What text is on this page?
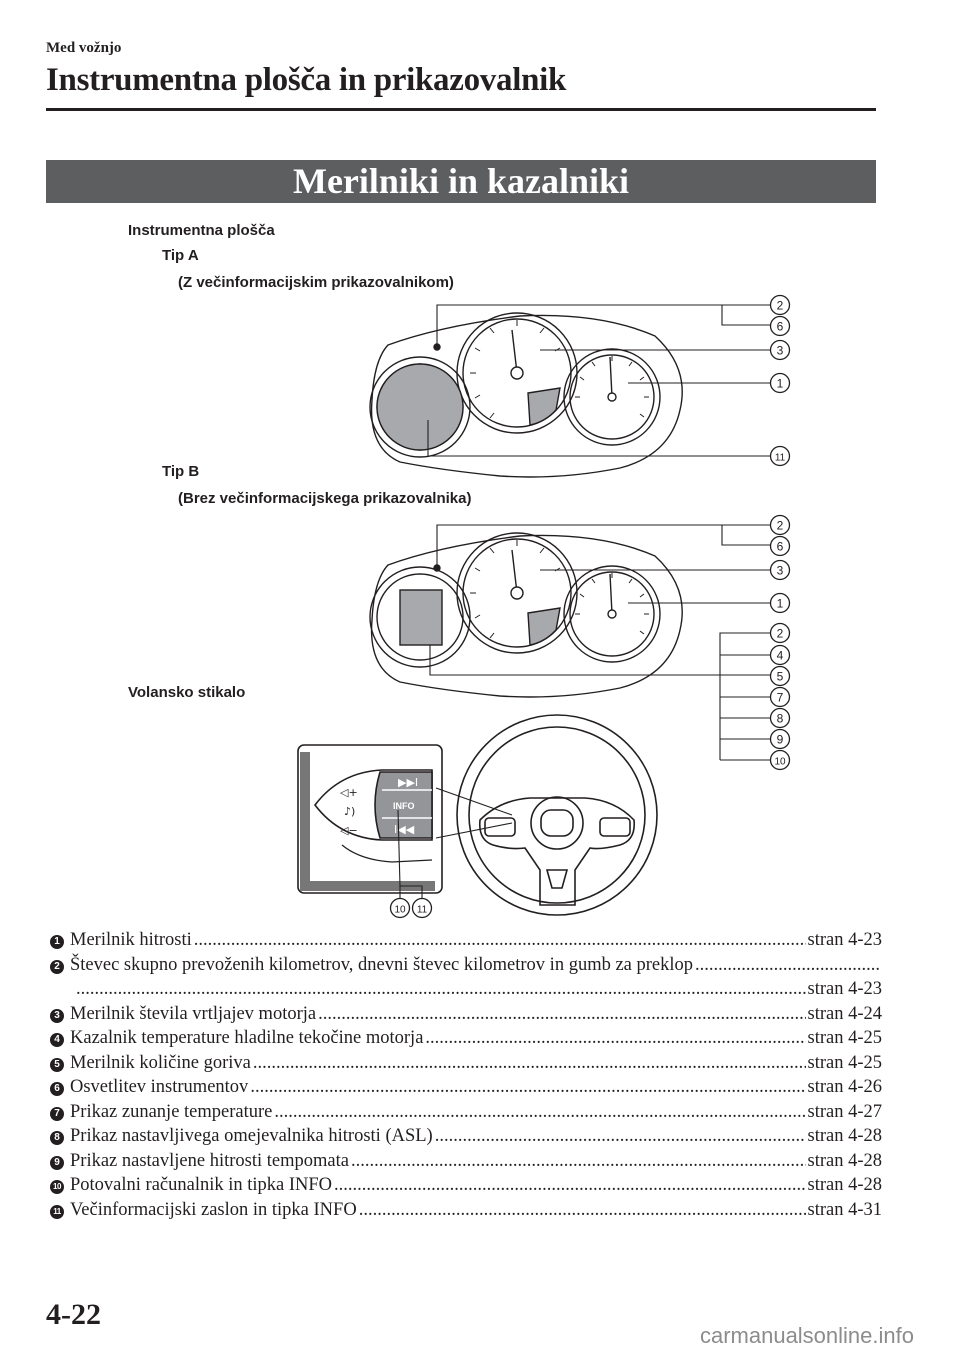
Med vožnjo
Instrumentna plošča in prikazovalnik
Merilniki in kazalniki
Instrumentna plošča
Tip A
(Z večinformacijskim prikazovalnikom)
Tip B
(Brez večinformacijskega prikazovalnika)
Volansko stikalo
◁+
♪)
◁−
▶▶I
I◀◀
INFO
2
6
3
1
11
2
6
3
1
2
4
5
7
8
9
10
10 11
1 Merilnik hitrosti .....	stran 4-23
2 Števec skupno prevoženih kilometrov, dnevni števec kilometrov in gumb za preklop
.....
.....
stran 4-23
3 Merilnik števila vrtljajev motorja .....	stran 4-24
4 Kazalnik temperature hladilne tekočine motorja .....	stran 4-25
5 Merilnik količine goriva .....	stran 4-25
6 Osvetlitev instrumentov .....	stran 4-26
7 Prikaz zunanje temperature .....	stran 4-27
8 Prikaz nastavljivega omejevalnika hitrosti (ASL) .....	stran 4-28
9 Prikaz nastavljene hitrosti tempomata .....	stran 4-28
10 Potovalni računalnik in tipka INFO .....	stran 4-28
11 Večinformacijski zaslon in tipka INFO .....	stran 4-31
4-22
carmanualsonline.info
